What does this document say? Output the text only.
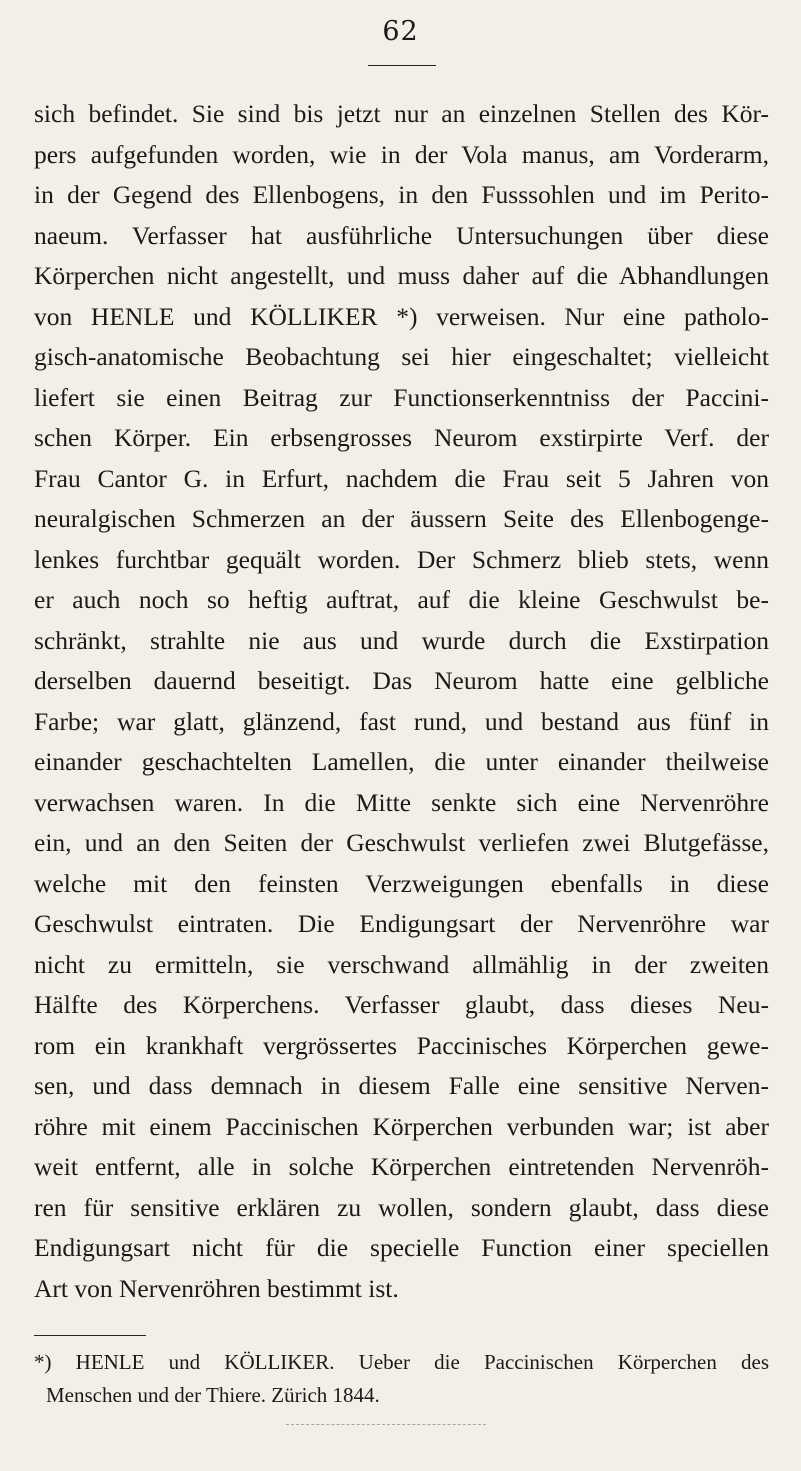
62
sich befindet. Sie sind bis jetzt nur an einzelnen Stellen des Kör-
pers aufgefunden worden, wie in der Vola manus, am Vorderarm,
in der Gegend des Ellenbogens, in den Fusssohlen und im Perito-
naeum. Verfasser hat ausführliche Untersuchungen über diese
Körperchen nicht angestellt, und muss daher auf die Abhandlungen
von HENLE und KÖLLIKER *) verweisen. Nur eine patholo-
gisch-anatomische Beobachtung sei hier eingeschaltet; vielleicht
liefert sie einen Beitrag zur Functionserkenntniss der Paccini-
schen Körper. Ein erbsengrosses Neurom exstirpirte Verf. der
Frau Cantor G. in Erfurt, nachdem die Frau seit 5 Jahren von
neuralgischen Schmerzen an der äussern Seite des Ellenbogenge-
lenkes furchtbar gequält worden. Der Schmerz blieb stets, wenn
er auch noch so heftig auftrat, auf die kleine Geschwulst be-
schränkt, strahlte nie aus und wurde durch die Exstirpation
derselben dauernd beseitigt. Das Neurom hatte eine gelbliche
Farbe; war glatt, glänzend, fast rund, und bestand aus fünf in
einander geschachtelten Lamellen, die unter einander theilweise
verwachsen waren. In die Mitte senkte sich eine Nervenröhre
ein, und an den Seiten der Geschwulst verliefen zwei Blutgefässe,
welche mit den feinsten Verzweigungen ebenfalls in diese
Geschwulst eintraten. Die Endigungsart der Nervenröhre war
nicht zu ermitteln, sie verschwand allmählig in der zweiten
Hälfte des Körperchens. Verfasser glaubt, dass dieses Neu-
rom ein krankhaft vergrössertes Paccinisches Körperchen gewe-
sen, und dass demnach in diesem Falle eine sensitive Nerven-
röhre mit einem Paccinischen Körperchen verbunden war; ist aber
weit entfernt, alle in solche Körperchen eintretenden Nervenröh-
ren für sensitive erklären zu wollen, sondern glaubt, dass diese
Endigungsart nicht für die specielle Function einer speciellen
Art von Nervenröhren bestimmt ist.
*) HENLE und KÖLLIKER. Ueber die Paccinischen Körperchen des
Menschen und der Thiere. Zürich 1844.
